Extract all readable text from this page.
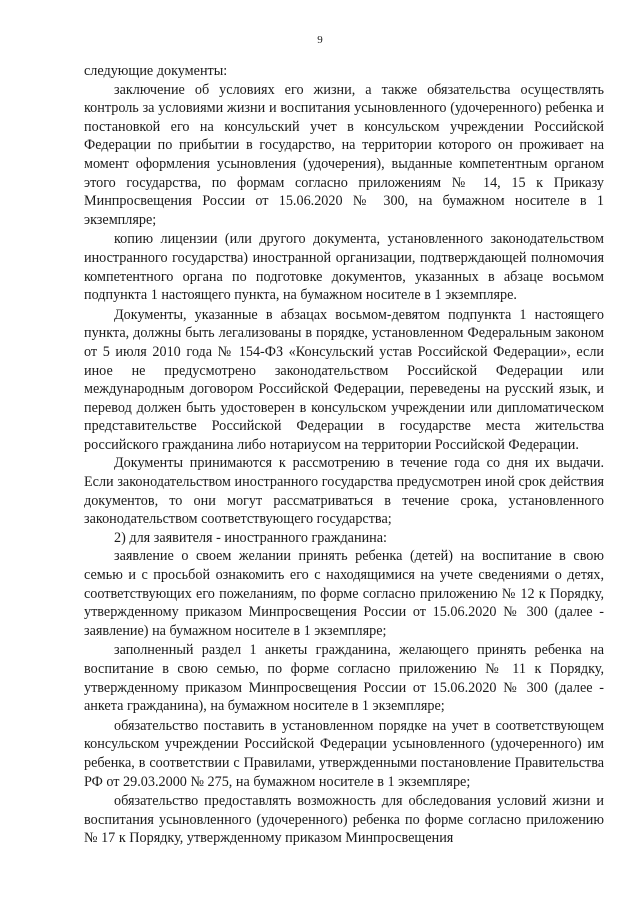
9

следующие документы:

заключение об условиях его жизни, а также обязательства осуществлять контроль за условиями жизни и воспитания усыновленного (удочеренного) ребенка и постановкой его на консульский учет в консульском учреждении Российской Федерации по прибытии в государство, на территории которого он проживает на момент оформления усыновления (удочерения), выданные компетентным органом этого государства, по формам согласно приложениям № 14, 15 к Приказу Минпросвещения России от 15.06.2020 № 300, на бумажном носителе в 1 экземпляре;

копию лицензии (или другого документа, установленного законодательством иностранного государства) иностранной организации, подтверждающей полномочия компетентного органа по подготовке документов, указанных в абзаце восьмом подпункта 1 настоящего пункта, на бумажном носителе в 1 экземпляре.

Документы, указанные в абзацах восьмом-девятом подпункта 1 настоящего пункта, должны быть легализованы в порядке, установленном Федеральным законом от 5 июля 2010 года № 154-ФЗ «Консульский устав Российской Федерации», если иное не предусмотрено законодательством Российской Федерации или международным договором Российской Федерации, переведены на русский язык, и перевод должен быть удостоверен в консульском учреждении или дипломатическом представительстве Российской Федерации в государстве места жительства российского гражданина либо нотариусом на территории Российской Федерации.

Документы принимаются к рассмотрению в течение года со дня их выдачи. Если законодательством иностранного государства предусмотрен иной срок действия документов, то они могут рассматриваться в течение срока, установленного законодательством соответствующего государства;

2) для заявителя - иностранного гражданина:

заявление о своем желании принять ребенка (детей) на воспитание в свою семью и с просьбой ознакомить его с находящимися на учете сведениями о детях, соответствующих его пожеланиям, по форме согласно приложению № 12 к Порядку, утвержденному приказом Минпросвещения России от 15.06.2020 № 300 (далее - заявление) на бумажном носителе в 1 экземпляре;

заполненный раздел 1 анкеты гражданина, желающего принять ребенка на воспитание в свою семью, по форме согласно приложению № 11 к Порядку, утвержденному приказом Минпросвещения России от 15.06.2020 № 300 (далее - анкета гражданина), на бумажном носителе в 1 экземпляре;

обязательство поставить в установленном порядке на учет в соответствующем консульском учреждении Российской Федерации усыновленного (удочеренного) им ребенка, в соответствии с Правилами, утвержденными постановление Правительства РФ от 29.03.2000 № 275, на бумажном носителе в 1 экземпляре;

обязательство предоставлять возможность для обследования условий жизни и воспитания усыновленного (удочеренного) ребенка по форме согласно приложению № 17 к Порядку, утвержденному приказом Минпросвещения
